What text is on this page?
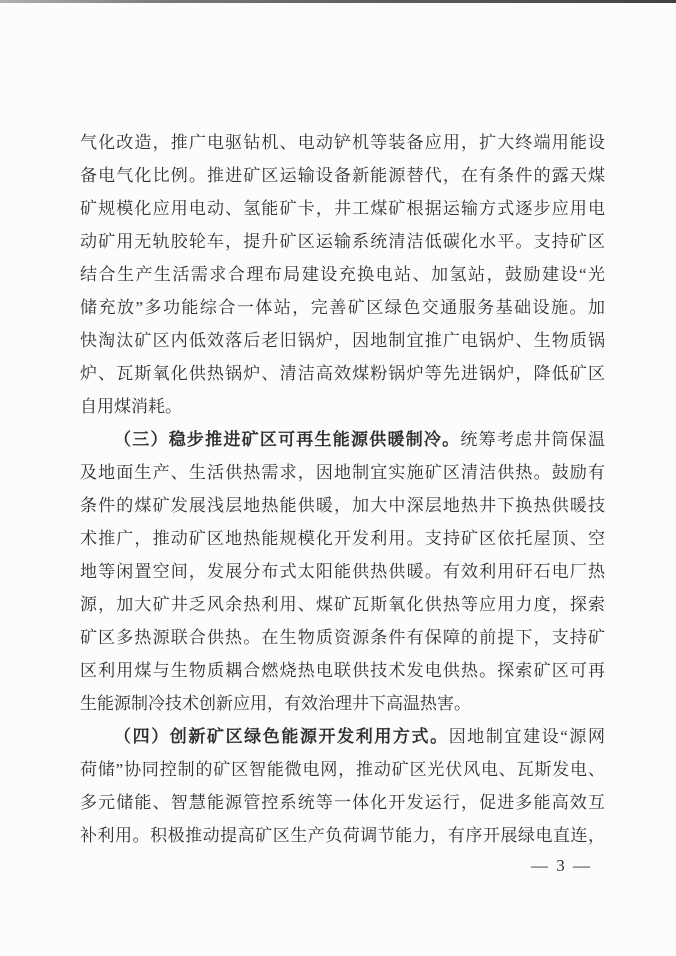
气化改造，推广电驱钻机、电动铲机等装备应用，扩大终端用能设
备电气化比例。推进矿区运输设备新能源替代，在有条件的露天煤
矿规模化应用电动、氢能矿卡，井工煤矿根据运输方式逐步应用电
动矿用无轨胶轮车，提升矿区运输系统清洁低碳化水平。支持矿区
结合生产生活需求合理布局建设充换电站、加氢站，鼓励建设“光
储充放”多功能综合一体站，完善矿区绿色交通服务基础设施。加
快淘汰矿区内低效落后老旧锅炉，因地制宜推广电锅炉、生物质锅
炉、瓦斯氧化供热锅炉、清洁高效煤粉锅炉等先进锅炉，降低矿区
自用煤消耗。
（三）稳步推进矿区可再生能源供暖制冷。统筹考虑井筒保温
及地面生产、生活供热需求，因地制宜实施矿区清洁供热。鼓励有
条件的煤矿发展浅层地热能供暖，加大中深层地热井下换热供暖技
术推广，推动矿区地热能规模化开发利用。支持矿区依托屋顶、空
地等闲置空间，发展分布式太阳能供热供暖。有效利用矸石电厂热
源，加大矿井乏风余热利用、煤矿瓦斯氧化供热等应用力度，探索
矿区多热源联合供热。在生物质资源条件有保障的前提下，支持矿
区利用煤与生物质耦合燃烧热电联供技术发电供热。探索矿区可再
生能源制冷技术创新应用，有效治理井下高温热害。
（四）创新矿区绿色能源开发利用方式。因地制宜建设“源网
荷储”协同控制的矿区智能微电网，推动矿区光伏风电、瓦斯发电、
多元储能、智慧能源管控系统等一体化开发运行，促进多能高效互
补利用。积极推动提高矿区生产负荷调节能力，有序开展绿电直连，
— 3 —
